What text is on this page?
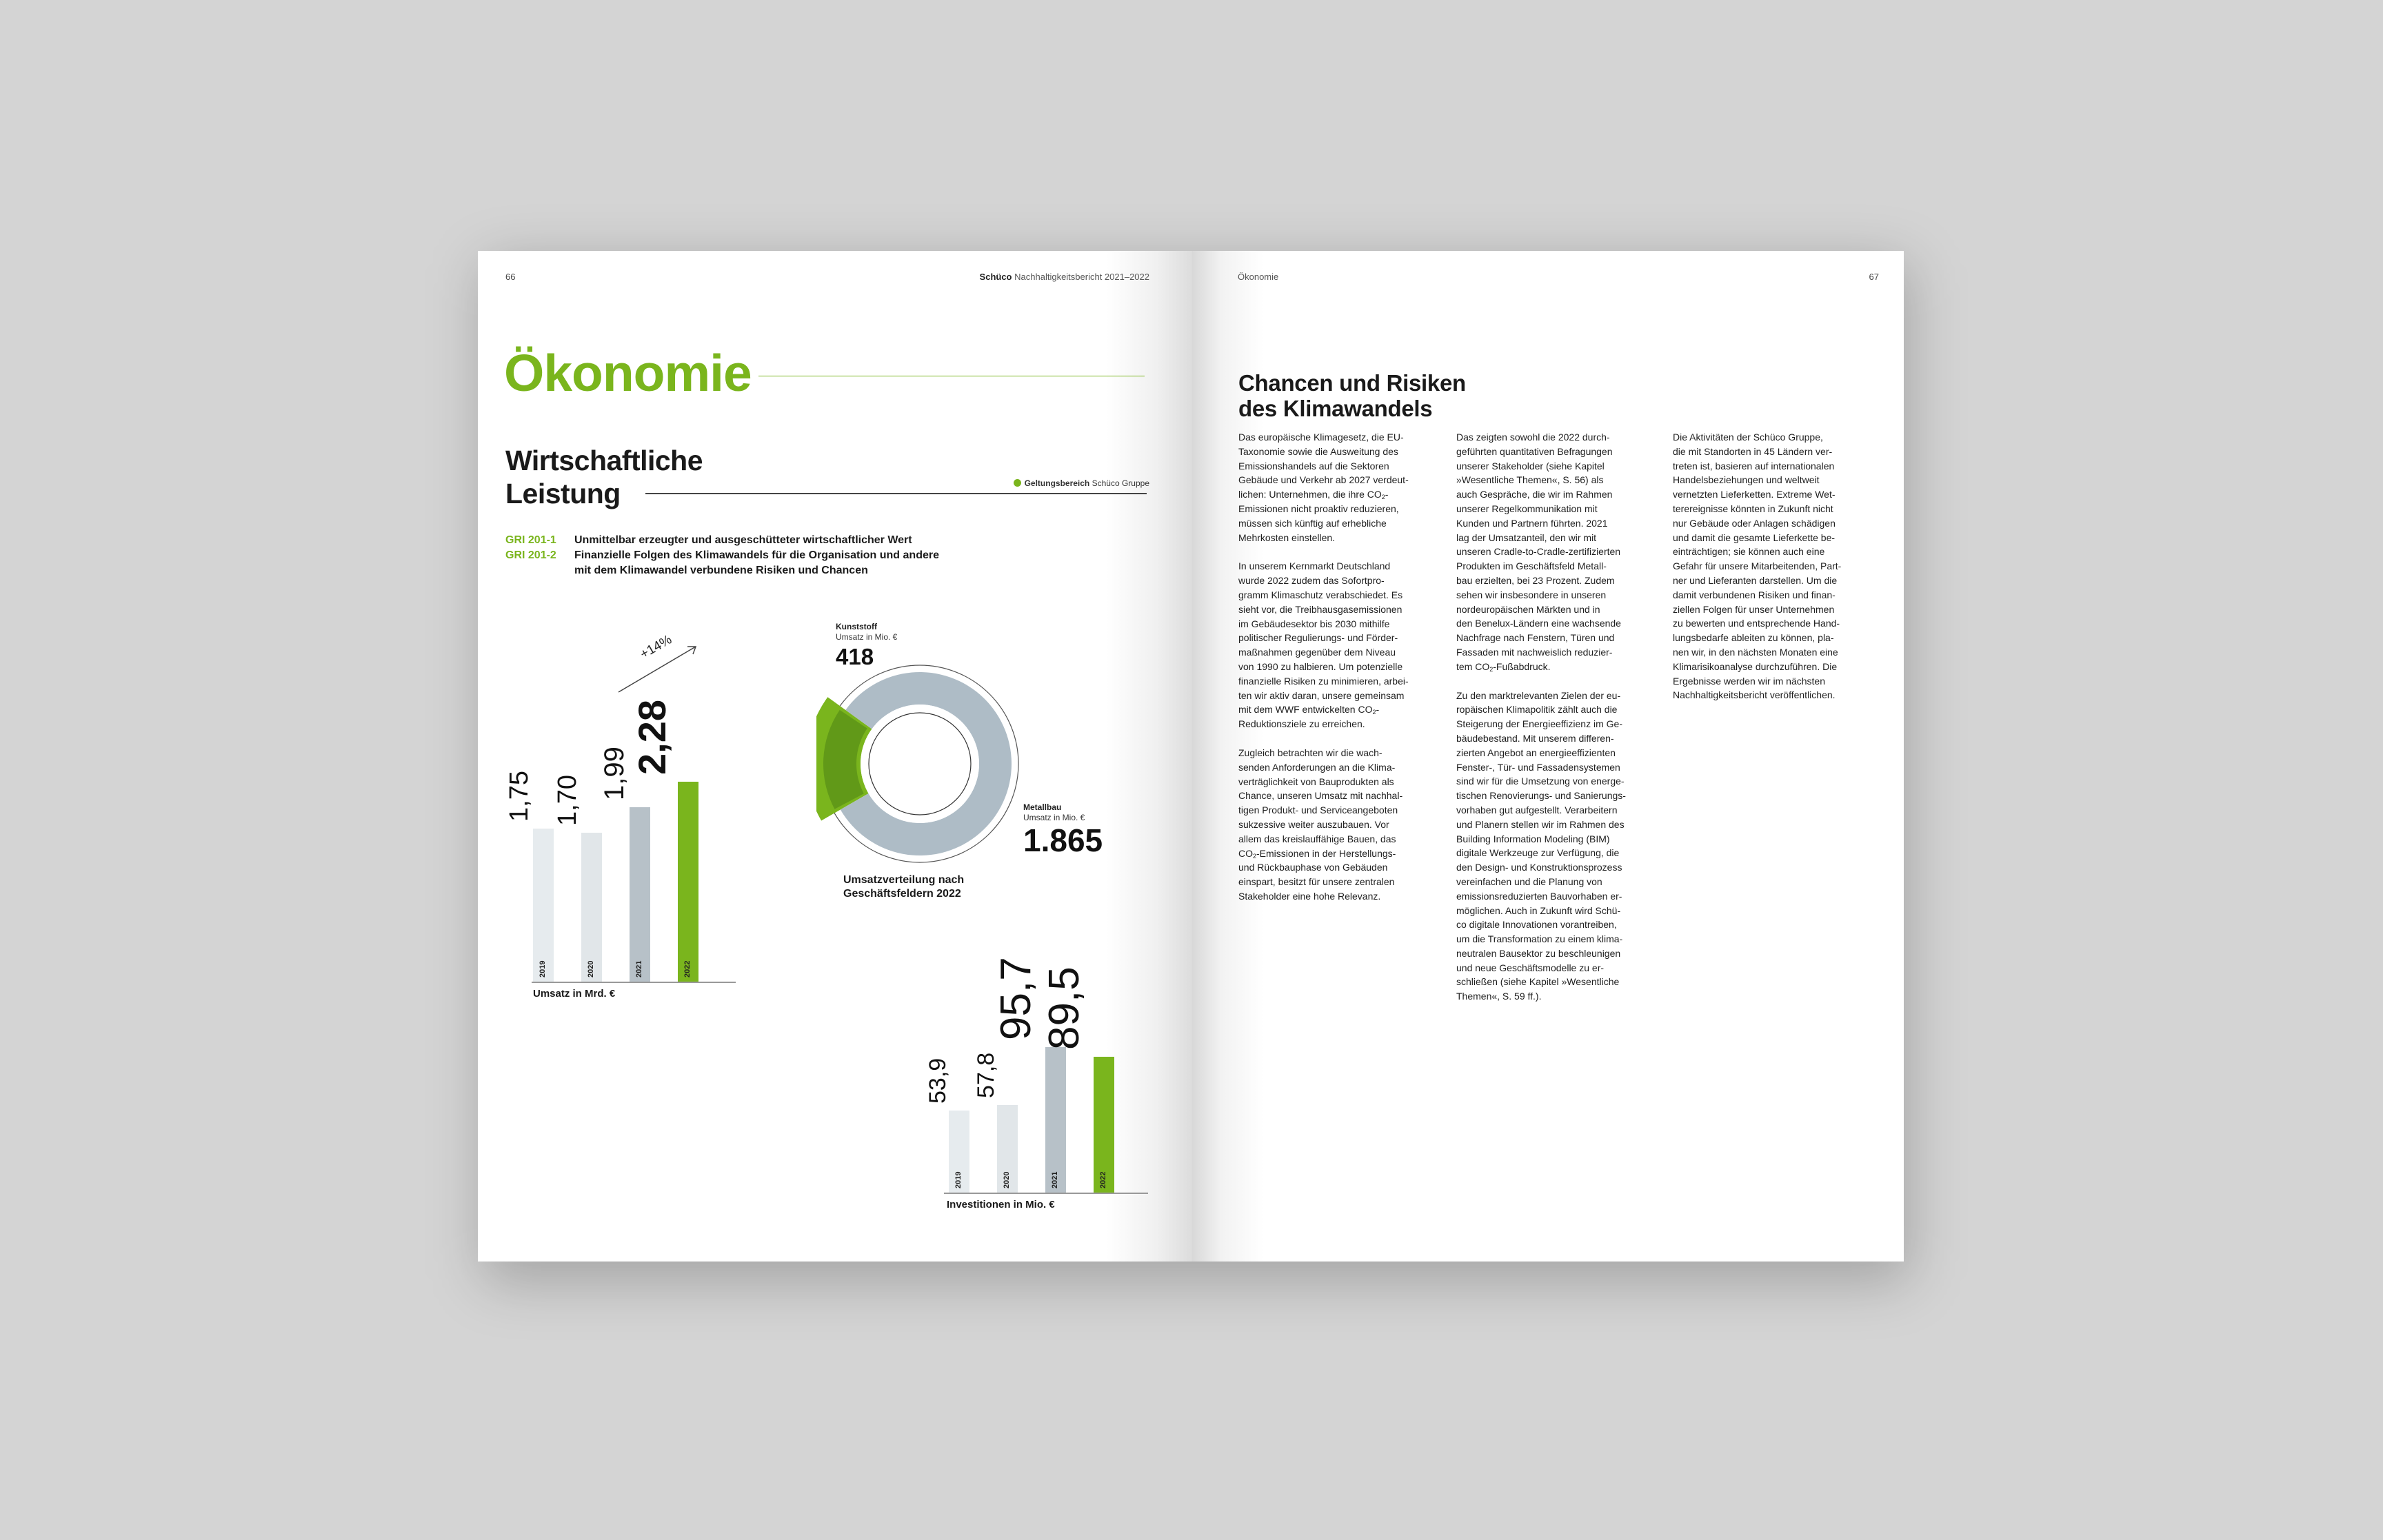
66	Schüco Nachhaltigkeitsbericht 2021–2022
Ökonomie
Wirtschaftliche
Leistung	Geltungsbereich Schüco Gruppe
GRI 201-1 Unmittelbar erzeugter und ausgeschütteter wirtschaftlicher Wert
GRI 201-2 Finanzielle Folgen des Klimawandels für die Organisation und andere
mit dem Klimawandel verbundene Risiken und Chancen
2019
1,75
2020
1,70
2021
1,99
2022
2,28
+14%
Umsatz in Mrd. €
Kunststoff
Umsatz in Mio. €
418
Metallbau
Umsatz in Mio. €
1.865
Umsatzverteilung nach
Geschäftsfeldern 2022
2019
53,9
2020
57,8
2021
95,7
2022
89,5
Investitionen in Mio. €
Ökonomie	67
Chancen und Risiken
des Klimawandels

Das europäische Klimagesetz, die EU-
Taxonomie sowie die Ausweitung des
Emissionshandels auf die Sektoren
Gebäude und Verkehr ab 2027 verdeut-
lichen: Unternehmen, die ihre $CO_2-$
Emissionen nicht proaktiv reduzieren,
müssen sich künftig auf erhebliche
Mehrkosten einstellen.

In unserem Kernmarkt Deutschland
wurde 2022 zudem das Sofortpro-
gramm Klimaschutz verabschiedet. Es
sieht vor, die Treibhausgasemissionen
im Gebäudesektor bis 2030 mithilfe
politischer Regulierungs- und Förder-
maßnahmen gegenüber dem Niveau
von 1990 zu halbieren. Um potenzielle
finanzielle Risiken zu minimieren, arbei-
ten wir aktiv daran, unsere gemeinsam
mit dem WWF entwickelten $CO_2-$
Reduktionsziele zu erreichen.

Zugleich betrachten wir die wach-
senden Anforderungen an die Klima-
verträglichkeit von Bauprodukten als
Chance, unseren Umsatz mit nachhal-
tigen Produkt- und Serviceangeboten
sukzessive weiter auszubauen. Vor
allem das kreislauffähige Bauen, das
$CO_2$-Emissionen in der Herstellungs-
und Rückbauphase von Gebäuden
einspart, besitzt für unsere zentralen
Stakeholder eine hohe Relevanz.

Das zeigten sowohl die 2022 durch-
geführten quantitativen Befragungen
unserer Stakeholder (siehe Kapitel
»Wesentliche Themen«, S. 56) als
auch Gespräche, die wir im Rahmen
unserer Regelkommunikation mit
Kunden und Partnern führten. 2021
lag der Umsatzanteil, den wir mit
unseren Cradle-to-Cradle-zertifizierten
Produkten im Geschäftsfeld Metall-
bau erzielten, bei 23 Prozent. Zudem
sehen wir insbesondere in unseren
nordeuropäischen Märkten und in
den Benelux-Ländern eine wachsende
Nachfrage nach Fenstern, Türen und
Fassaden mit nachweislich reduzier-
tem $CO_2$-Fußabdruck.

Zu den marktrelevanten Zielen der eu-
ropäischen Klimapolitik zählt auch die
Steigerung der Energieeffizienz im Ge-
bäudebestand. Mit unserem differen-
zierten Angebot an energieeffizienten
Fenster-, Tür- und Fassadensystemen
sind wir für die Umsetzung von energe-
tischen Renovierungs- und Sanierungs-
vorhaben gut aufgestellt. Verarbeitern
und Planern stellen wir im Rahmen des
Building Information Modeling (BIM)
digitale Werkzeuge zur Verfügung, die
den Design- und Konstruktionsprozess
vereinfachen und die Planung von
emissionsreduzierten Bauvorhaben er-
möglichen. Auch in Zukunft wird Schü-
co digitale Innovationen vorantreiben,
um die Transformation zu einem klima-
neutralen Bausektor zu beschleunigen
und neue Geschäftsmodelle zu er-
schließen (siehe Kapitel »Wesentliche
Themen«, S. 59 ff.).

Die Aktivitäten der Schüco Gruppe,
die mit Standorten in 45 Ländern ver-
treten ist, basieren auf internationalen
Handelsbeziehungen und weltweit
vernetzten Lieferketten. Extreme Wet-
terereignisse könnten in Zukunft nicht
nur Gebäude oder Anlagen schädigen
und damit die gesamte Lieferkette be-
einträchtigen; sie können auch eine
Gefahr für unsere Mitarbeitenden, Part-
ner und Lieferanten darstellen. Um die
damit verbundenen Risiken und finan-
ziellen Folgen für unser Unternehmen
zu bewerten und entsprechende Hand-
lungsbedarfe ableiten zu können, pla-
nen wir, in den nächsten Monaten eine
Klimarisikoanalyse durchzuführen. Die
Ergebnisse werden wir im nächsten
Nachhaltigkeitsbericht veröffentlichen.
